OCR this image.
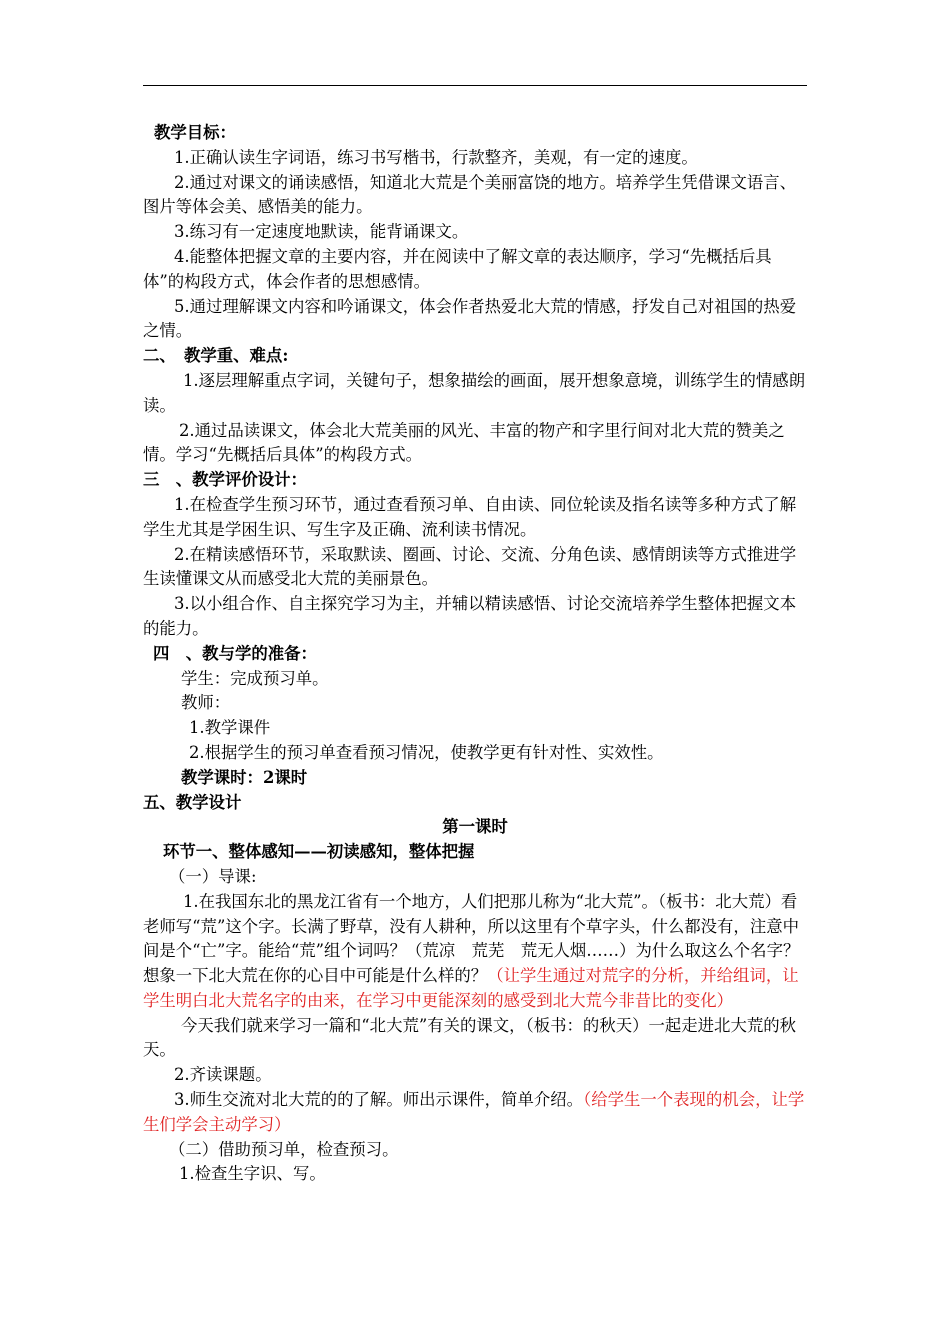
教学目标：

1.正确认读生字词语，练习书写楷书，行款整齐，美观，有一定的速度。

2.通过对课文的诵读感悟，知道北大荒是个美丽富饶的地方。培养学生凭借课文语言、图片等体会美、感悟美的能力。

3.练习有一定速度地默读，能背诵课文。

4.能整体把握文章的主要内容，并在阅读中了解文章的表达顺序，学习“先概括后具体”的构段方式，体会作者的思想感情。

5.通过理解课文内容和吟诵课文，体会作者热爱北大荒的情感，抒发自己对祖国的热爱之情。

二、　教学重、难点:

1.逐层理解重点字词，关键句子，想象描绘的画面，展开想象意境，训练学生的情感朗读。

2.通过品读课文，体会北大荒美丽的风光、丰富的物产和字里行间对北大荒的赞美之情。学习“先概括后具体”的构段方式。

三　、教学评价设计：

1.在检查学生预习环节，通过查看预习单、自由读、同位轮读及指名读等多种方式了解学生尤其是学困生识、写生字及正确、流利读书情况。

2.在精读感悟环节，采取默读、圈画、讨论、交流、分角色读、感情朗读等方式推进学生读懂课文从而感受北大荒的美丽景色。

3.以小组合作、自主探究学习为主，并辅以精读感悟、讨论交流培养学生整体把握文本的能力。

四　、教与学的准备：

学生：完成预习单。

教师：

1.教学课件

2.根据学生的预习单查看预习情况，使教学更有针对性、实效性。

教学课时：2课时

五、教学设计

第一课时

环节一、整体感知——初读感知，整体把握

（一）导课:

1.在我国东北的黑龙江省有一个地方，人们把那儿称为“北大荒”。（板书：北大荒）看老师写“荒”这个字。长满了野草，没有人耕种，所以这里有个草字头，什么都没有，注意中间是个“亡”字。能给“荒”组个词吗？（荒凉　荒芜　荒无人烟……）为什么取这么个名字？想象一下北大荒在你的心目中可能是什么样的？（让学生通过对荒字的分析，并给组词，让学生明白北大荒名字的由来，在学习中更能深刻的感受到北大荒今非昔比的变化）

今天我们就来学习一篇和“北大荒”有关的课文，（板书：的秋天）一起走进北大荒的秋天。

2.齐读课题。

3.师生交流对北大荒的的了解。师出示课件，简单介绍。（给学生一个表现的机会，让学生们学会主动学习）

（二）借助预习单，检查预习。

1.检查生字识、写。
